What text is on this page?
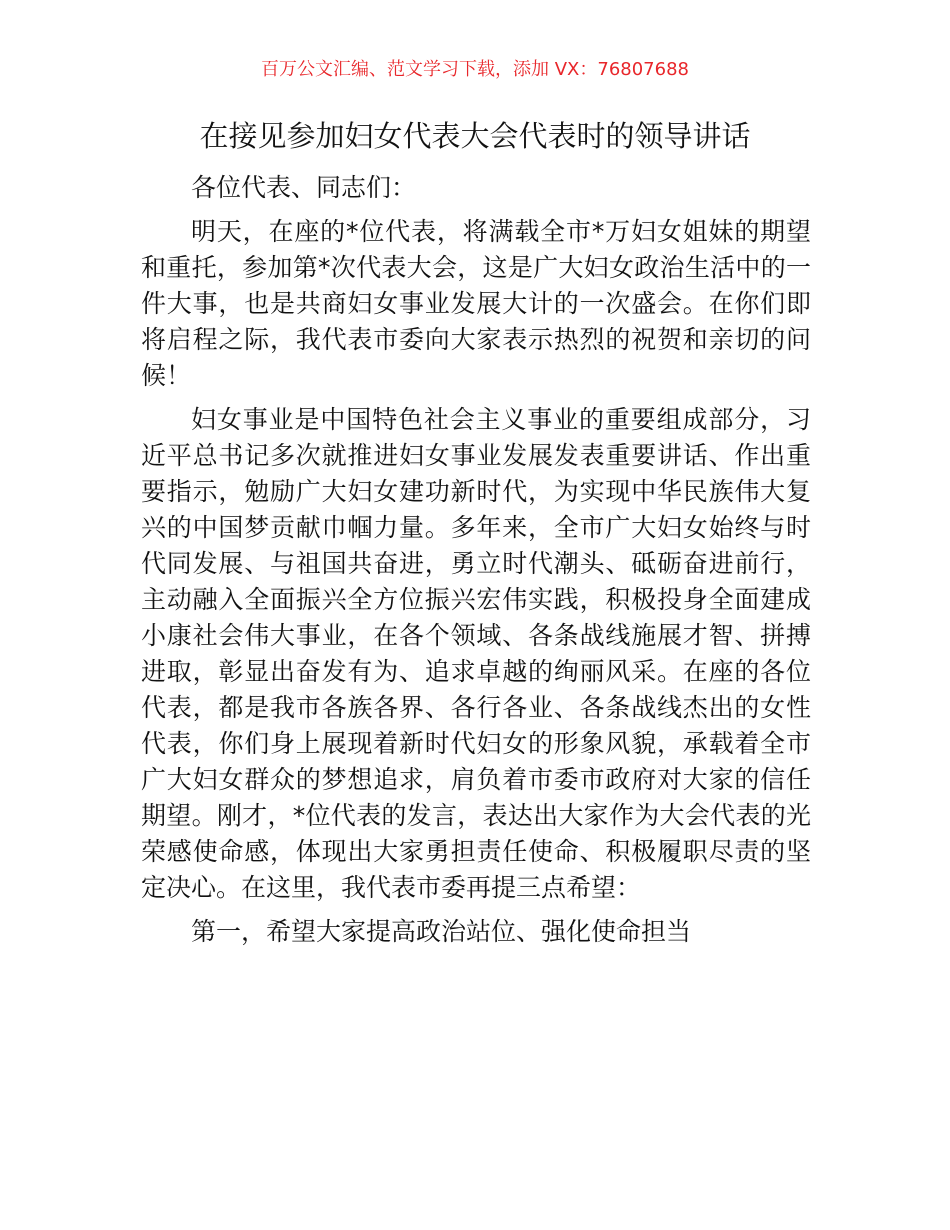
百万公文汇编、范文学习下载，添加 VX：76807688
在接见参加妇女代表大会代表时的领导讲话

各位代表、同志们：

明天，在座的*位代表，将满载全市*万妇女姐妹的期望和重托，参加第*次代表大会，这是广大妇女政治生活中的一件大事，也是共商妇女事业发展大计的一次盛会。在你们即将启程之际，我代表市委向大家表示热烈的祝贺和亲切的问候！

妇女事业是中国特色社会主义事业的重要组成部分，习近平总书记多次就推进妇女事业发展发表重要讲话、作出重要指示，勉励广大妇女建功新时代，为实现中华民族伟大复兴的中国梦贡献巾帼力量。多年来，全市广大妇女始终与时代同发展、与祖国共奋进，勇立时代潮头、砥砺奋进前行，主动融入全面振兴全方位振兴宏伟实践，积极投身全面建成小康社会伟大事业，在各个领域、各条战线施展才智、拼搏进取，彰显出奋发有为、追求卓越的绚丽风采。在座的各位代表，都是我市各族各界、各行各业、各条战线杰出的女性代表，你们身上展现着新时代妇女的形象风貌，承载着全市广大妇女群众的梦想追求，肩负着市委市政府对大家的信任期望。刚才，*位代表的发言，表达出大家作为大会代表的光荣感使命感，体现出大家勇担责任使命、积极履职尽责的坚定决心。在这里，我代表市委再提三点希望：

第一，希望大家提高政治站位、强化使命担当
